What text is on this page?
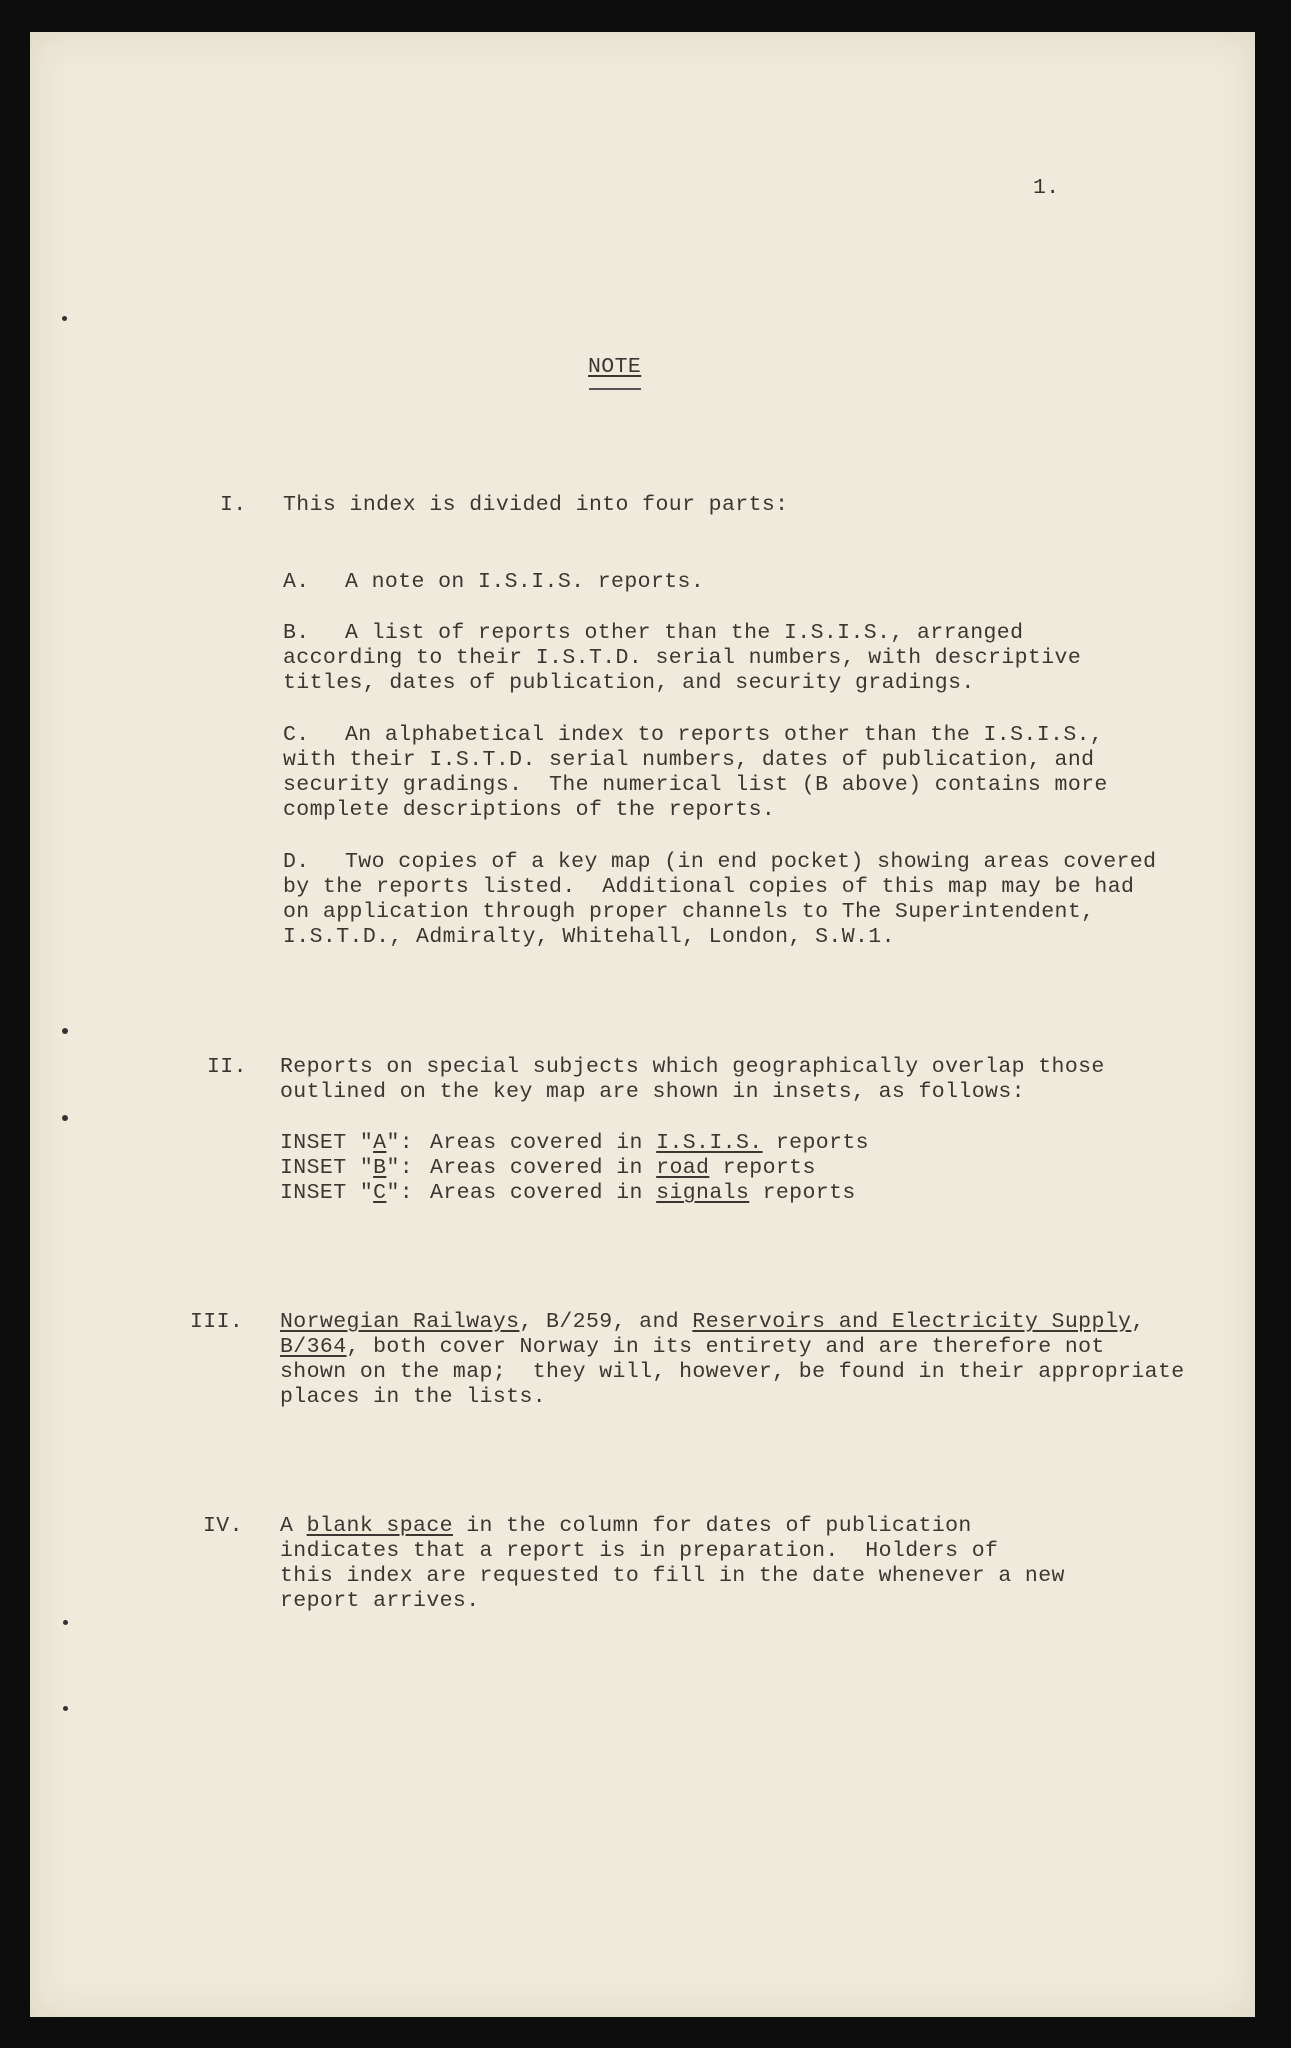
1.
NOTE
I. This index is divided into four parts:
A. A note on I.S.I.S. reports.
B. A list of reports other than the I.S.I.S., arranged
according to their I.S.T.D. serial numbers, with descriptive
titles, dates of publication, and security gradings.
C. An alphabetical index to reports other than the I.S.I.S.,
with their I.S.T.D. serial numbers, dates of publication, and
security gradings.  The numerical list (B above) contains more
complete descriptions of the reports.
D. Two copies of a key map (in end pocket) showing areas covered
by the reports listed.  Additional copies of this map may be had
on application through proper channels to The Superintendent,
I.S.T.D., Admiralty, Whitehall, London, S.W.1.
II. Reports on special subjects which geographically overlap those
outlined on the key map are shown in insets, as follows:
INSET "A": Areas covered in I.S.I.S. reports
INSET "B": Areas covered in road reports
INSET "C": Areas covered in signals reports
III. Norwegian Railways, B/259, and Reservoirs and Electricity Supply,
B/364, both cover Norway in its entirety and are therefore not
shown on the map;  they will, however, be found in their appropriate
places in the lists.
IV. A blank space in the column for dates of publication
indicates that a report is in preparation.  Holders of
this index are requested to fill in the date whenever a new
report arrives.
